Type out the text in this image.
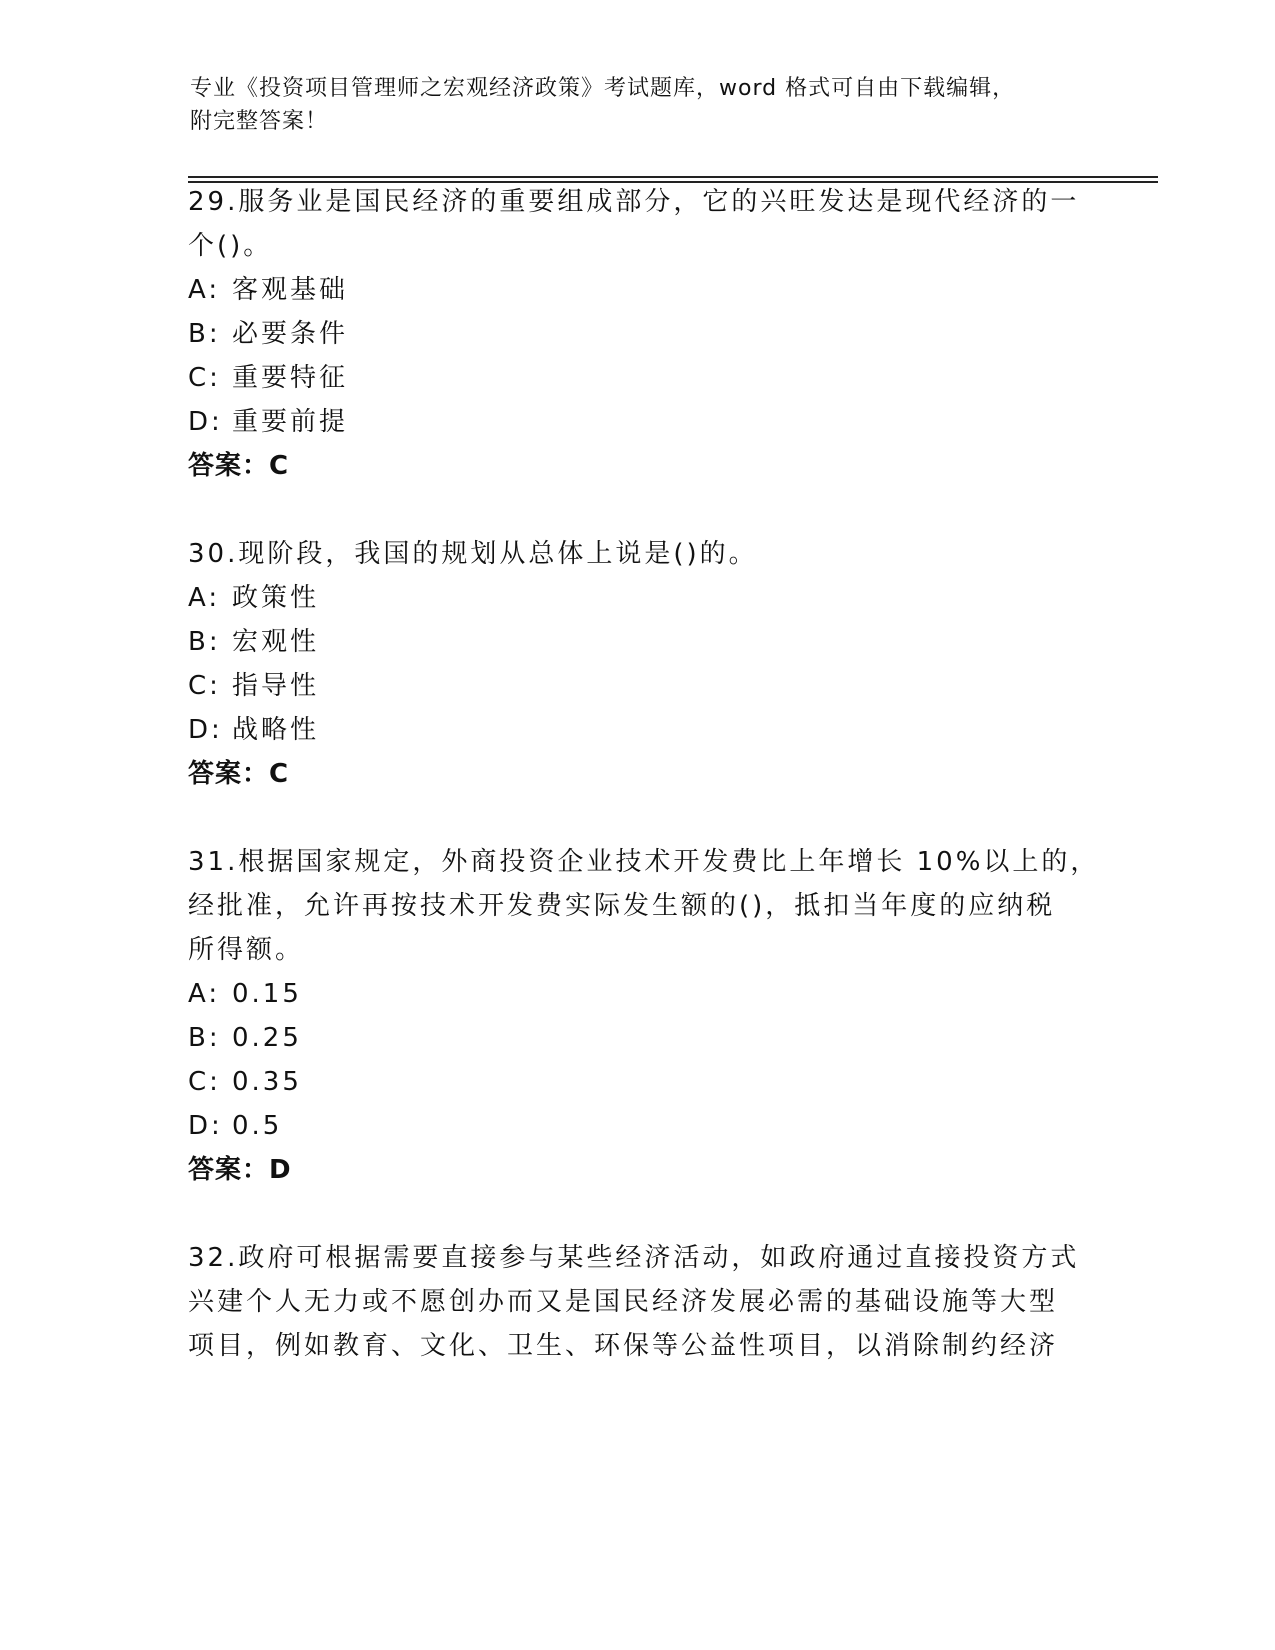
专业《投资项目管理师之宏观经济政策》考试题库，word 格式可自由下载编辑，
附完整答案！
29.服务业是国民经济的重要组成部分，它的兴旺发达是现代经济的一
个()。
A: 客观基础
B: 必要条件
C: 重要特征
D: 重要前提
答案：C
30.现阶段，我国的规划从总体上说是()的。
A: 政策性
B: 宏观性
C: 指导性
D: 战略性
答案：C
31.根据国家规定，外商投资企业技术开发费比上年增长 10%以上的，
经批准，允许再按技术开发费实际发生额的()，抵扣当年度的应纳税
所得额。
A: 0.15
B: 0.25
C: 0.35
D: 0.5
答案：D
32.政府可根据需要直接参与某些经济活动，如政府通过直接投资方式
兴建个人无力或不愿创办而又是国民经济发展必需的基础设施等大型
项目，例如教育、文化、卫生、环保等公益性项目，以消除制约经济
